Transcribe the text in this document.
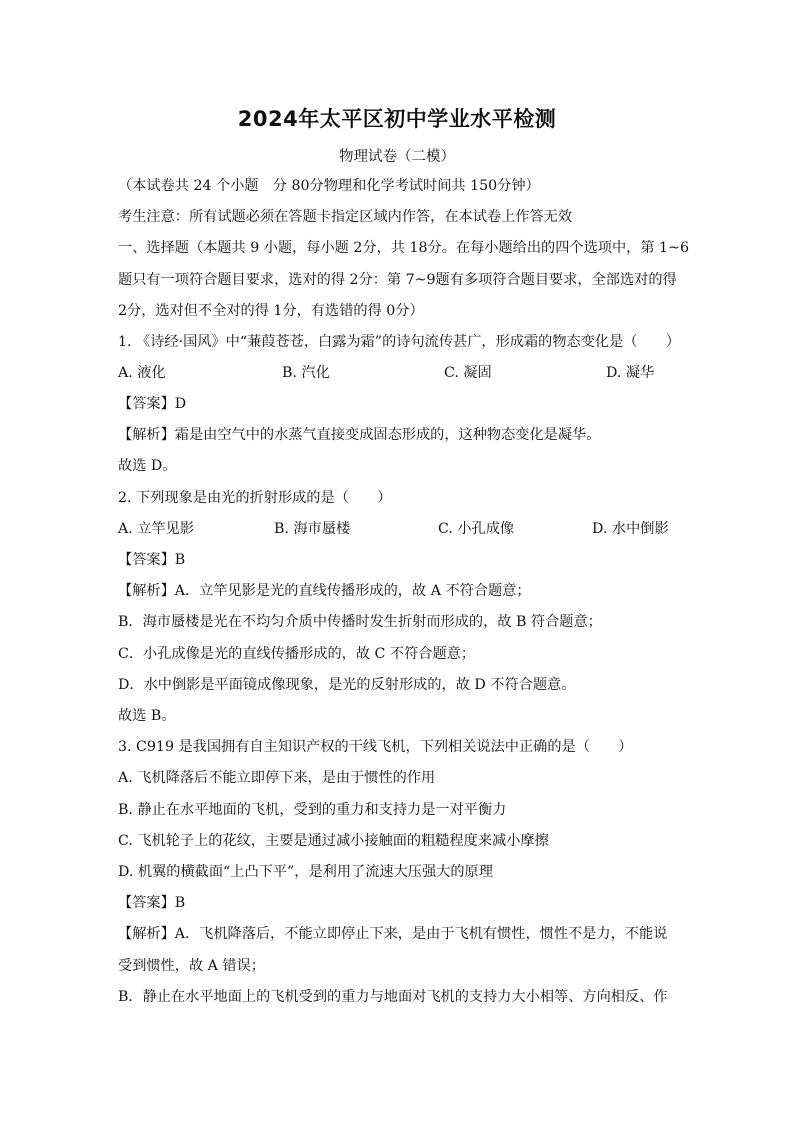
2024年太平区初中学业水平检测
物理试卷（二模）
（本试卷共 24 个小题　分 80分物理和化学考试时间共 150分钟）
考生注意：所有试题必须在答题卡指定区域内作答，在本试卷上作答无效
一、选择题（本题共 9 小题，每小题 2分，共 18分。在每小题给出的四个选项中，第 1~6
题只有一项符合题目要求，选对的得 2分：第 7~9题有多项符合题目要求，全部选对的得
2分，选对但不全对的得 1分，有选错的得 0分）
1. 《诗经·国风》中“蒹葭苍苍，白露为霜”的诗句流传甚广，形成霜的物态变化是（　　）
A. 液化	B. 汽化	C. 凝固	D. 凝华
【答案】D
【解析】霜是由空气中的水蒸气直接变成固态形成的，这种物态变化是凝华。
故选 D。
2. 下列现象是由光的折射形成的是（　　）
A. 立竿见影	B. 海市蜃楼	C. 小孔成像	D. 水中倒影
【答案】B
【解析】A．立竿见影是光的直线传播形成的，故 A 不符合题意；
B．海市蜃楼是光在不均匀介质中传播时发生折射而形成的，故 B 符合题意；
C．小孔成像是光的直线传播形成的，故 C 不符合题意；
D．水中倒影是平面镜成像现象，是光的反射形成的，故 D 不符合题意。
故选 B。
3. C919 是我国拥有自主知识产权的干线飞机，下列相关说法中正确的是（　　）
A. 飞机降落后不能立即停下来，是由于惯性的作用
B. 静止在水平地面的飞机，受到的重力和支持力是一对平衡力
C. 飞机轮子上的花纹，主要是通过减小接触面的粗糙程度来减小摩擦
D. 机翼的横截面“上凸下平”，是利用了流速大压强大的原理
【答案】B
【解析】A．飞机降落后，不能立即停止下来，是由于飞机有惯性，惯性不是力，不能说
受到惯性，故 A 错误；
B．静止在水平地面上的飞机受到的重力与地面对飞机的支持力大小相等、方向相反、作
